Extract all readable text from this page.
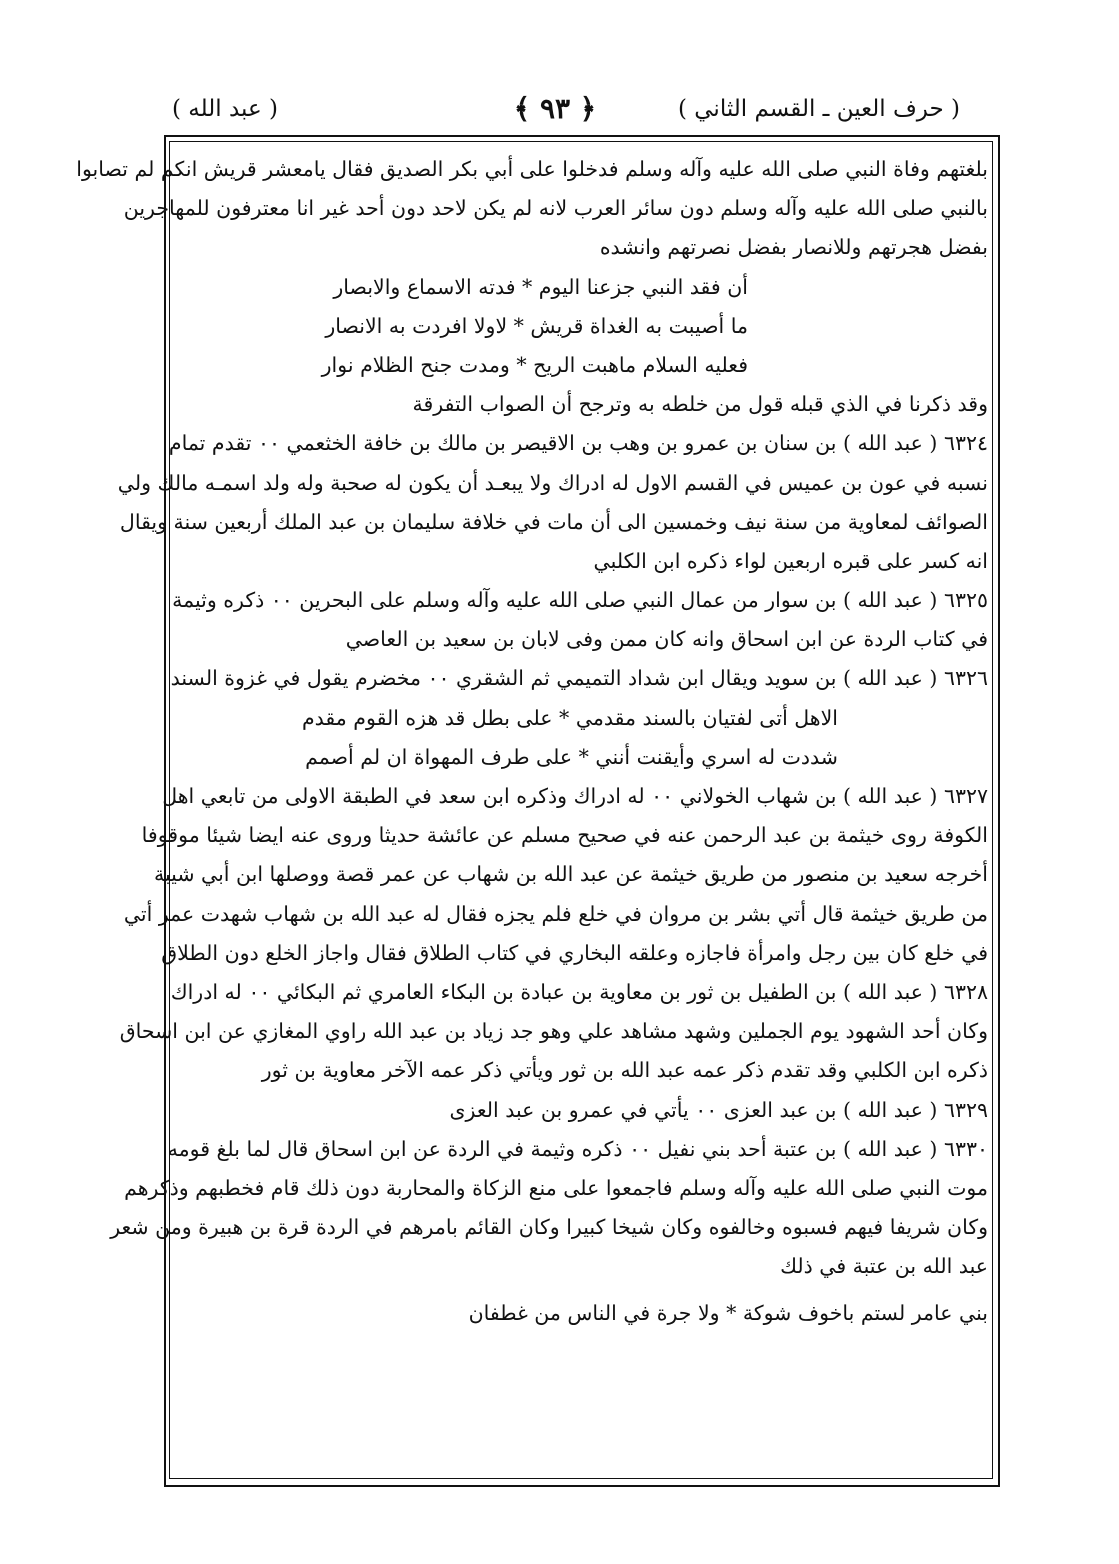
( حرف العين ـ القسم الثاني )
﴿ ٩٣ ﴾
( عبد الله )
بلغتهم وفاة النبي صلى الله عليه وآله وسلم فدخلوا على أبي بكر الصديق فقال يامعشر قريش انكم لم تصابوا
بالنبي صلى الله عليه وآله وسلم دون سائر العرب لانه لم يكن لاحد دون أحد غير انا معترفون للمهاجرين
بفضل هجرتهم وللانصار بفضل نصرتهم وانشده
أن فقد النبي جزعنا اليوم * فدته الاسماع والابصار
ما أصيبت به الغداة قريش * لاولا افردت به الانصار
فعليه السلام ماهبت الريح * ومدت جنح الظلام نوار
وقد ذكرنا في الذي قبله قول من خلطه به وترجح أن الصواب التفرقة
٦٣٢٤ ( عبد الله ) بن سنان بن عمرو بن وهب بن الاقيصر بن مالك بن خافة الخثعمي ٠٠ تقدم تمام
نسبه في عون بن عميس في القسم الاول له ادراك ولا يبعـد أن يكون له صحبة وله ولد اسمـه مالك ولي
الصوائف لمعاوية من سنة نيف وخمسين الى أن مات في خلافة سليمان بن عبد الملك أربعين سنة ويقال
انه كسر على قبره اربعين لواء ذكره ابن الكلبي
٦٣٢٥ ( عبد الله ) بن سوار من عمال النبي صلى الله عليه وآله وسلم على البحرين ٠٠ ذكره وثيمة
في كتاب الردة عن ابن اسحاق وانه كان ممن وفى لابان بن سعيد بن العاصي
٦٣٢٦ ( عبد الله ) بن سويد ويقال ابن شداد التميمي ثم الشقري ٠٠ مخضرم يقول في غزوة السند
الاهل أتى لفتيان بالسند مقدمي * على بطل قد هزه القوم مقدم
شددت له اسري وأيقنت أنني * على طرف المهواة ان لم أصمم
٦٣٢٧ ( عبد الله ) بن شهاب الخولاني ٠٠ له ادراك وذكره ابن سعد في الطبقة الاولى من تابعي اهل
الكوفة روى خيثمة بن عبد الرحمن عنه في صحيح مسلم عن عائشة حديثا وروى عنه ايضا شيئا موقوفا
أخرجه سعيد بن منصور من طريق خيثمة عن عبد الله بن شهاب عن عمر قصة ووصلها ابن أبي شيبة
من طريق خيثمة قال أتي بشر بن مروان في خلع فلم يجزه فقال له عبد الله بن شهاب شهدت عمر أتي
في خلع كان بين رجل وامرأة فاجازه وعلقه البخاري في كتاب الطلاق فقال واجاز الخلع دون الطلاق
٦٣٢٨ ( عبد الله ) بن الطفيل بن ثور بن معاوية بن عبادة بن البكاء العامري ثم البكائي ٠٠ له ادراك
وكان أحد الشهود يوم الجملين وشهد مشاهد علي وهو جد زياد بن عبد الله راوي المغازي عن ابن اسحاق
ذكره ابن الكلبي وقد تقدم ذكر عمه عبد الله بن ثور ويأتي ذكر عمه الآخر معاوية بن ثور
٦٣٢٩ ( عبد الله ) بن عبد العزى ٠٠ يأتي في عمرو بن عبد العزى
٦٣٣٠ ( عبد الله ) بن عتبة أحد بني نفيل ٠٠ ذكره وثيمة في الردة عن ابن اسحاق قال لما بلغ قومه
موت النبي صلى الله عليه وآله وسلم فاجمعوا على منع الزكاة والمحاربة دون ذلك قام فخطبهم وذكرهم
وكان شريفا فيهم فسبوه وخالفوه وكان شيخا كبيرا وكان القائم بامرهم في الردة قرة بن هبيرة ومن شعر
عبد الله بن عتبة في ذلك
بني عامر لستم باخوف شوكة * ولا جرة في الناس من غطفان
